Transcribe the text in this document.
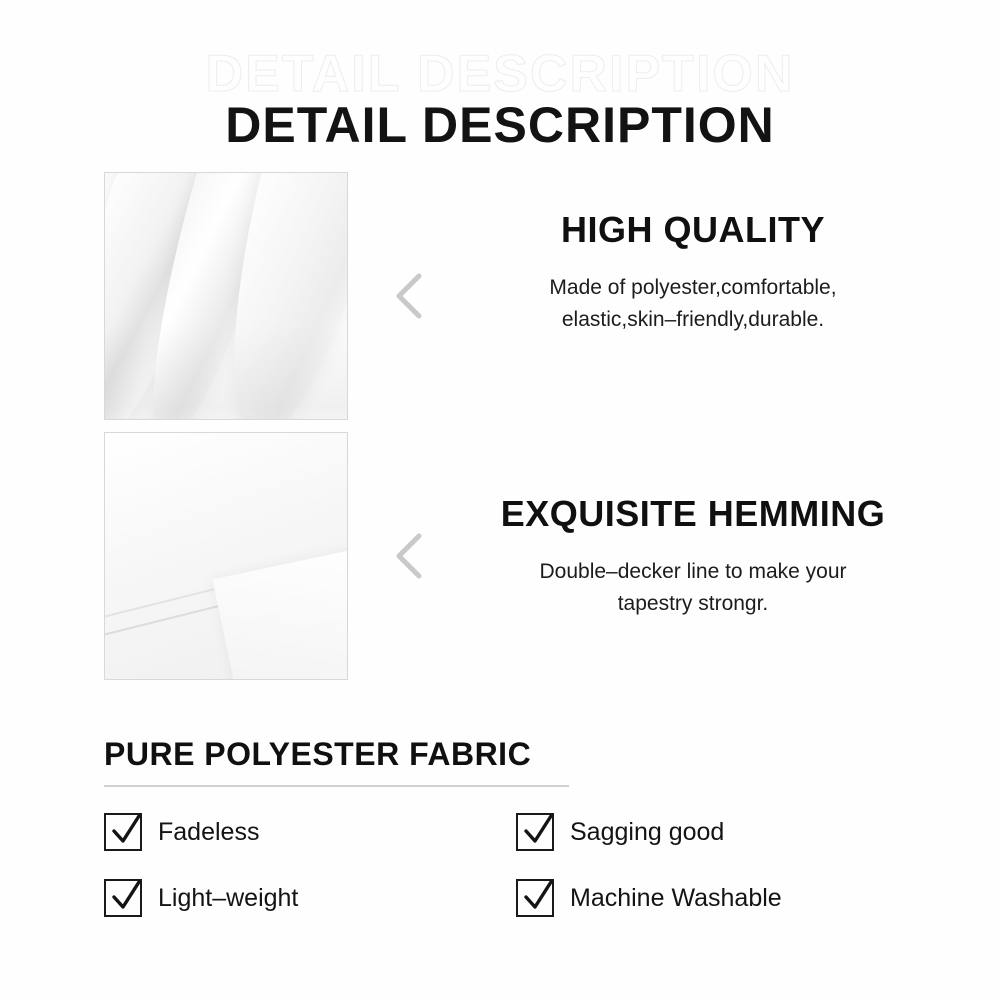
DETAIL DESCRIPTION
DETAIL DESCRIPTION
HIGH QUALITY
Made of polyester,comfortable,
elastic,skin–friendly,durable.
EXQUISITE HEMMING
Double–decker line to make your
tapestry strongr.
PURE POLYESTER FABRIC
Fadeless	Sagging good
Light–weight	Machine Washable
